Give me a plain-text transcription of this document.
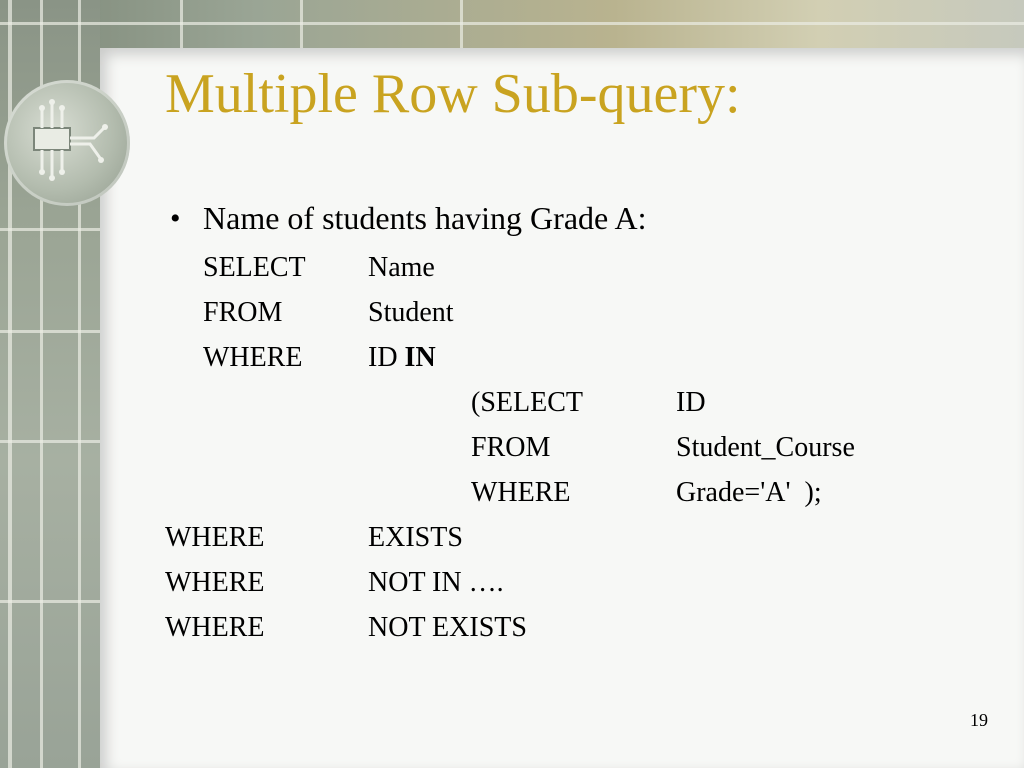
Multiple Row Sub-query:
• Name of students having Grade A:
SELECT Name
FROM	Student
WHERE ID IN
(SELECT	ID
FROM	Student_Course
WHERE	Grade='A'  );
WHERE	EXISTS
WHERE	NOT IN ….
WHERE	NOT EXISTS
19
